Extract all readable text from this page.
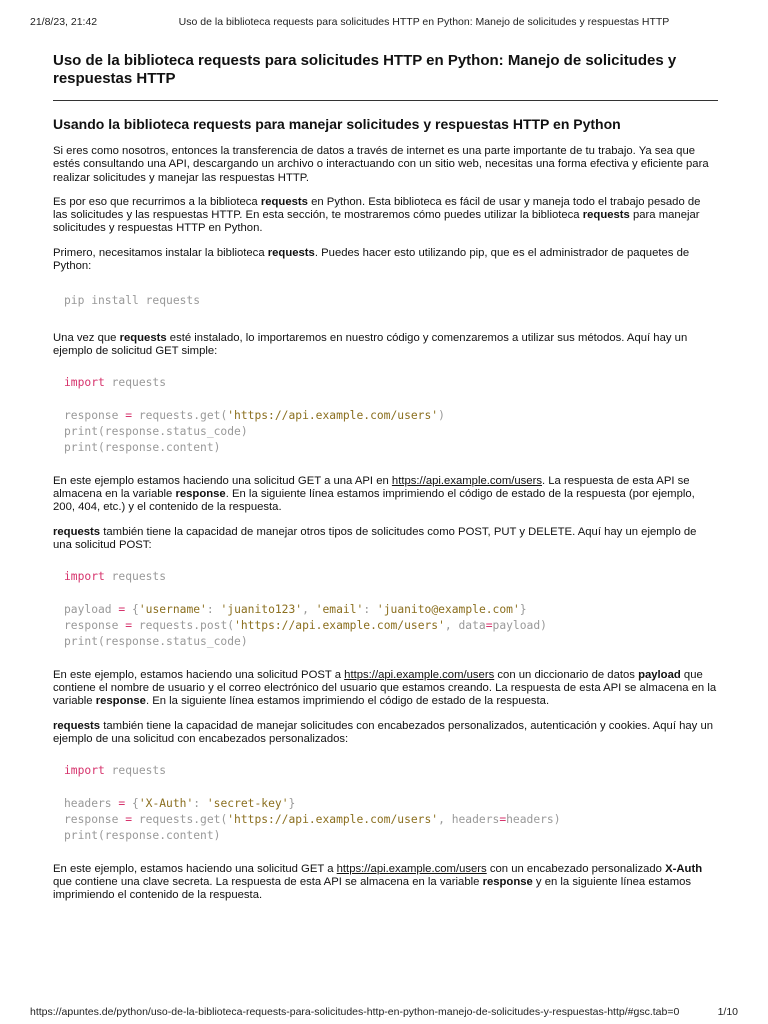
21/8/23, 21:42	Uso de la biblioteca requests para solicitudes HTTP en Python: Manejo de solicitudes y respuestas HTTP
Uso de la biblioteca requests para solicitudes HTTP en Python: Manejo de solicitudes y respuestas HTTP
Usando la biblioteca requests para manejar solicitudes y respuestas HTTP en Python

Si eres como nosotros, entonces la transferencia de datos a través de internet es una parte importante de tu trabajo. Ya sea que estés consultando una API, descargando un archivo o interactuando con un sitio web, necesitas una forma efectiva y eficiente para realizar solicitudes y manejar las respuestas HTTP.

Es por eso que recurrimos a la biblioteca requests en Python. Esta biblioteca es fácil de usar y maneja todo el trabajo pesado de las solicitudes y las respuestas HTTP. En esta sección, te mostraremos cómo puedes utilizar la biblioteca requests para manejar solicitudes y respuestas HTTP en Python.

Primero, necesitamos instalar la biblioteca requests. Puedes hacer esto utilizando pip, que es el administrador de paquetes de Python:

pip install requests

Una vez que requests esté instalado, lo importaremos en nuestro código y comenzaremos a utilizar sus métodos. Aquí hay un ejemplo de solicitud GET simple:

import requests
response = requests.get('https://api.example.com/users')
print(response.status_code)
print(response.content)

En este ejemplo estamos haciendo una solicitud GET a una API en https://api.example.com/users. La respuesta de esta API se almacena en la variable response. En la siguiente línea estamos imprimiendo el código de estado de la respuesta (por ejemplo, 200, 404, etc.) y el contenido de la respuesta.

requests también tiene la capacidad de manejar otros tipos de solicitudes como POST, PUT y DELETE. Aquí hay un ejemplo de una solicitud POST:

import requests
payload = {'username': 'juanito123', 'email': 'juanito@example.com'}
response = requests.post('https://api.example.com/users', data=payload)
print(response.status_code)

En este ejemplo, estamos haciendo una solicitud POST a https://api.example.com/users con un diccionario de datos payload que contiene el nombre de usuario y el correo electrónico del usuario que estamos creando. La respuesta de esta API se almacena en la variable response. En la siguiente línea estamos imprimiendo el código de estado de la respuesta.

requests también tiene la capacidad de manejar solicitudes con encabezados personalizados, autenticación y cookies. Aquí hay un ejemplo de una solicitud con encabezados personalizados:

import requests
headers = {'X-Auth': 'secret-key'}
response = requests.get('https://api.example.com/users', headers=headers)
print(response.content)

En este ejemplo, estamos haciendo una solicitud GET a https://api.example.com/users con un encabezado personalizado X-Auth que contiene una clave secreta. La respuesta de esta API se almacena en la variable response y en la siguiente línea estamos imprimiendo el contenido de la respuesta.

https://apuntes.de/python/uso-de-la-biblioteca-requests-para-solicitudes-http-en-python-manejo-de-solicitudes-y-respuestas-http/#gsc.tab=0	1/10
